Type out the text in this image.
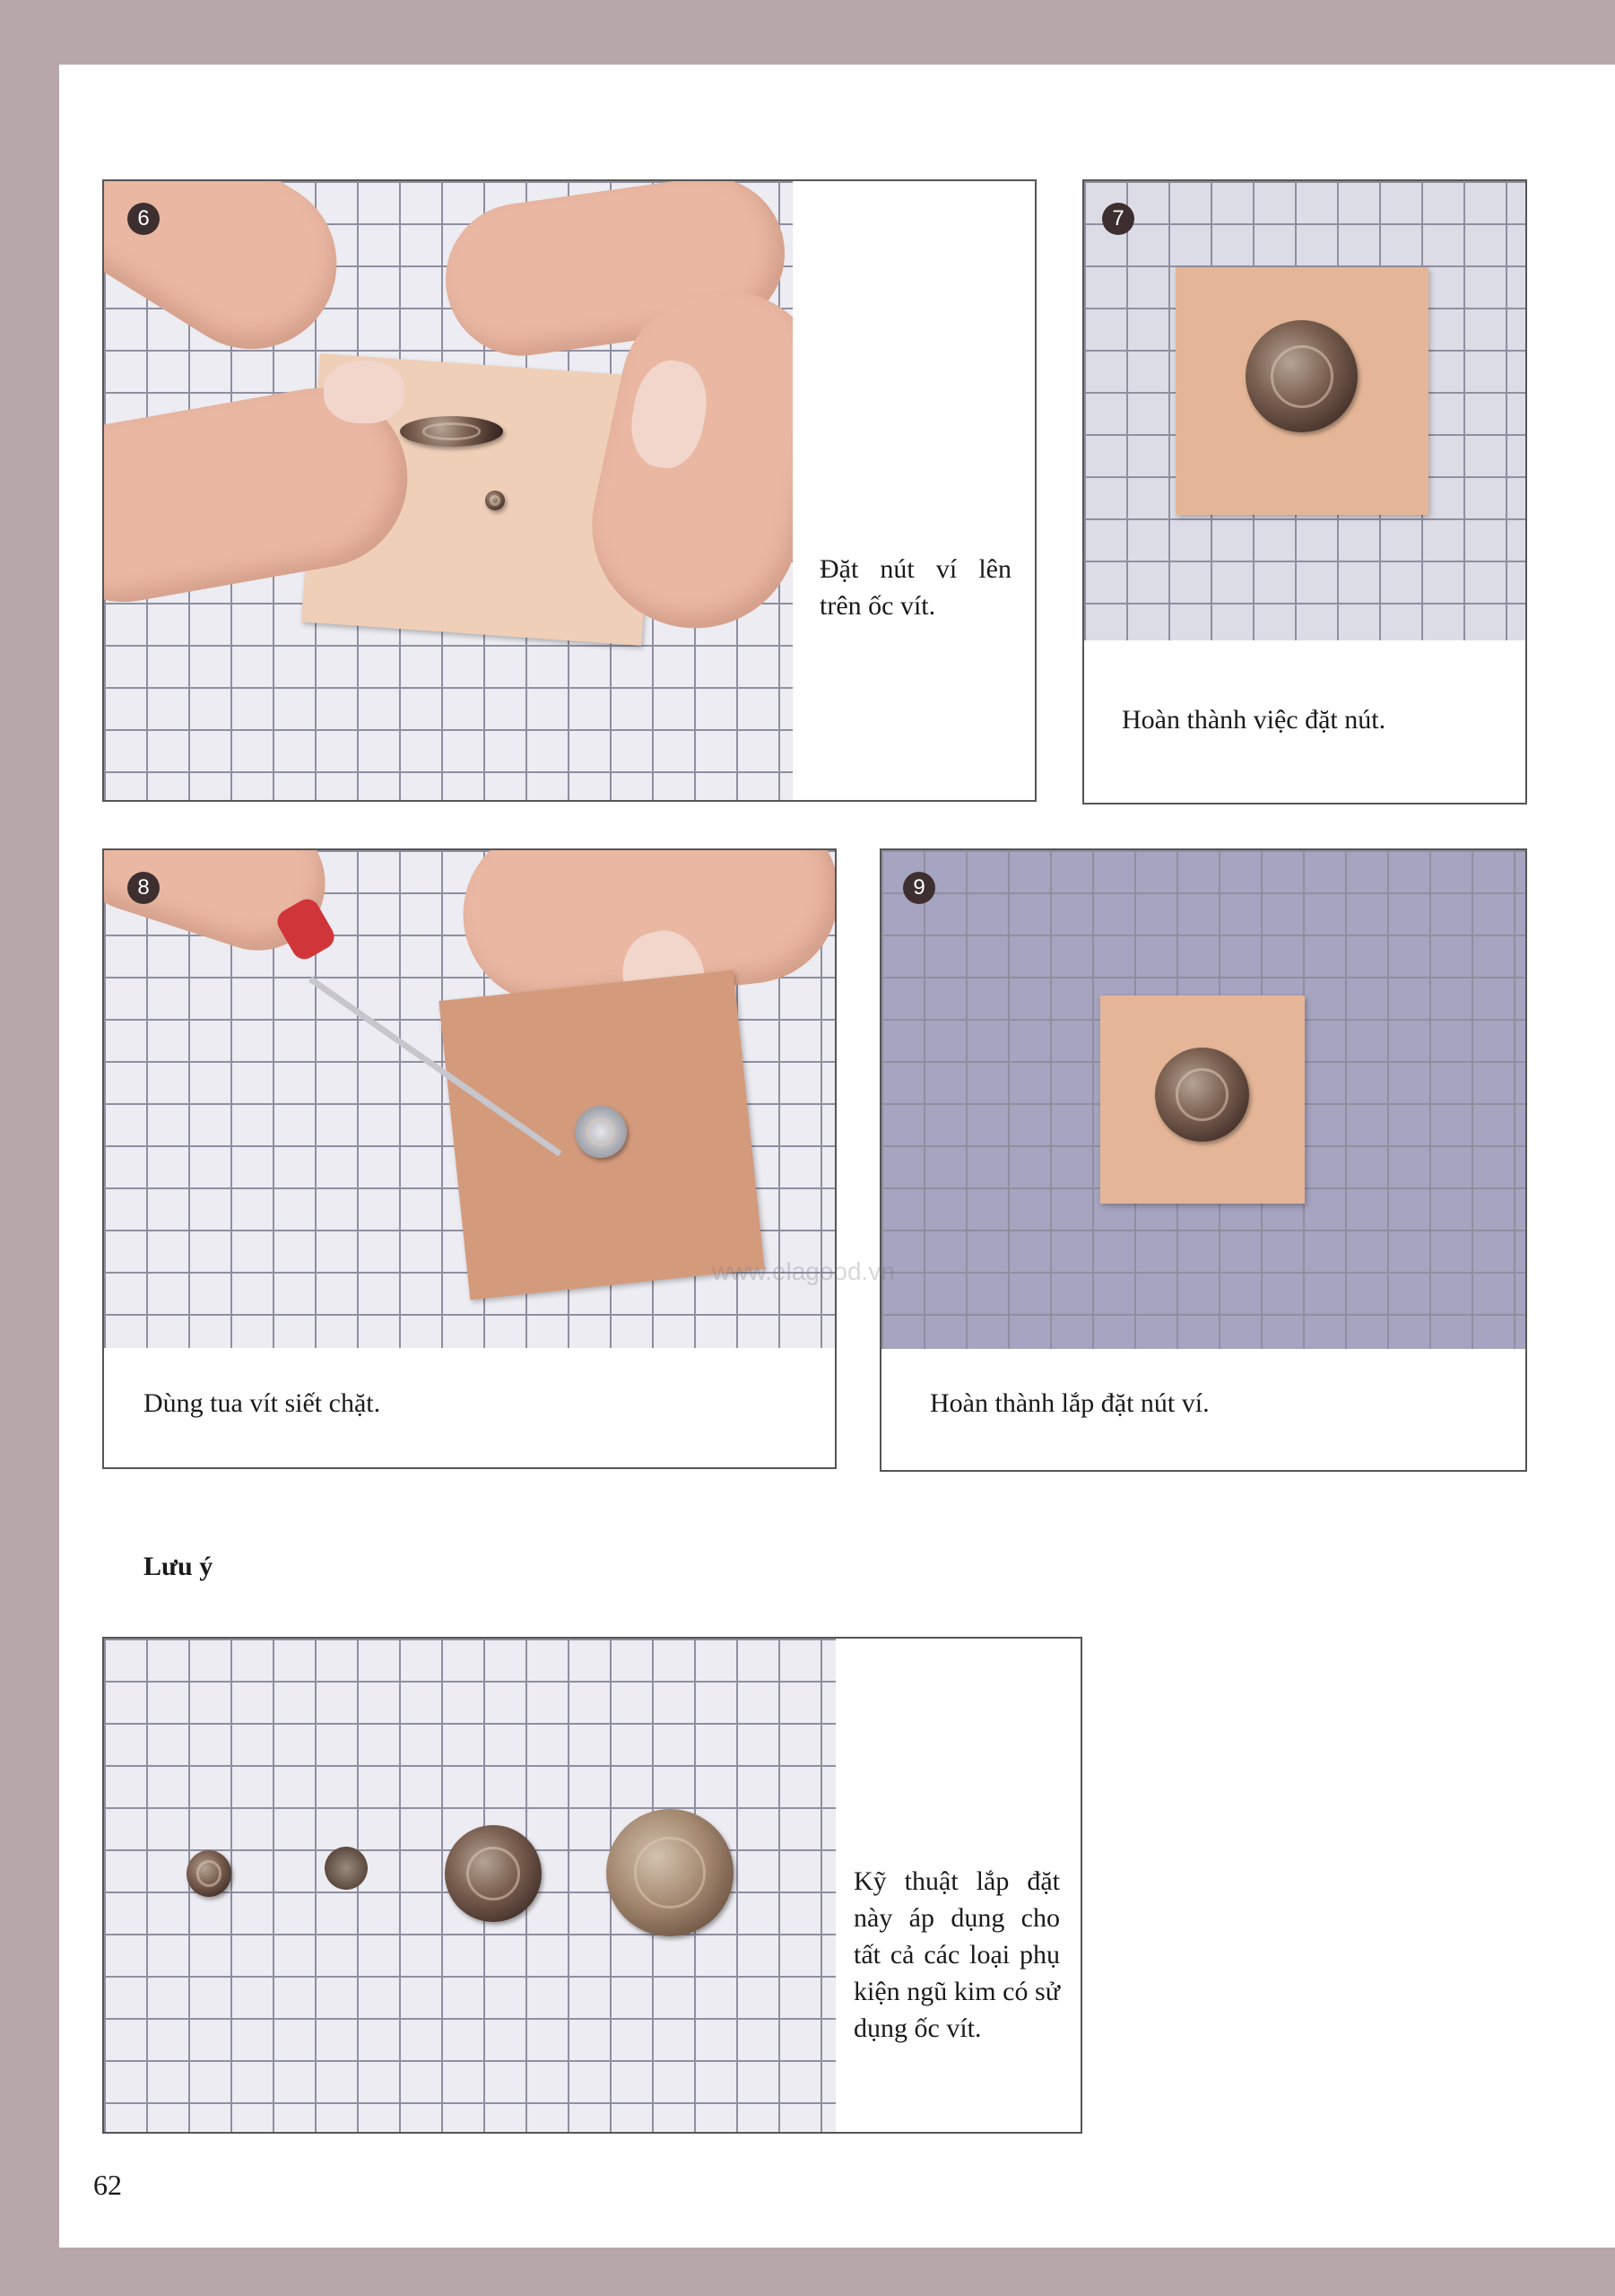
6
Đặt nút ví lên trên ốc vít.
7
Hoàn thành việc đặt nút.
8
Dùng tua vít siết chặt.
9
Hoàn thành lắp đặt nút ví.
www.elagood.vn
Lưu ý
Kỹ thuật lắp đặt này áp dụng cho tất cả các loại phụ kiện ngũ kim có sử dụng ốc vít.
62
